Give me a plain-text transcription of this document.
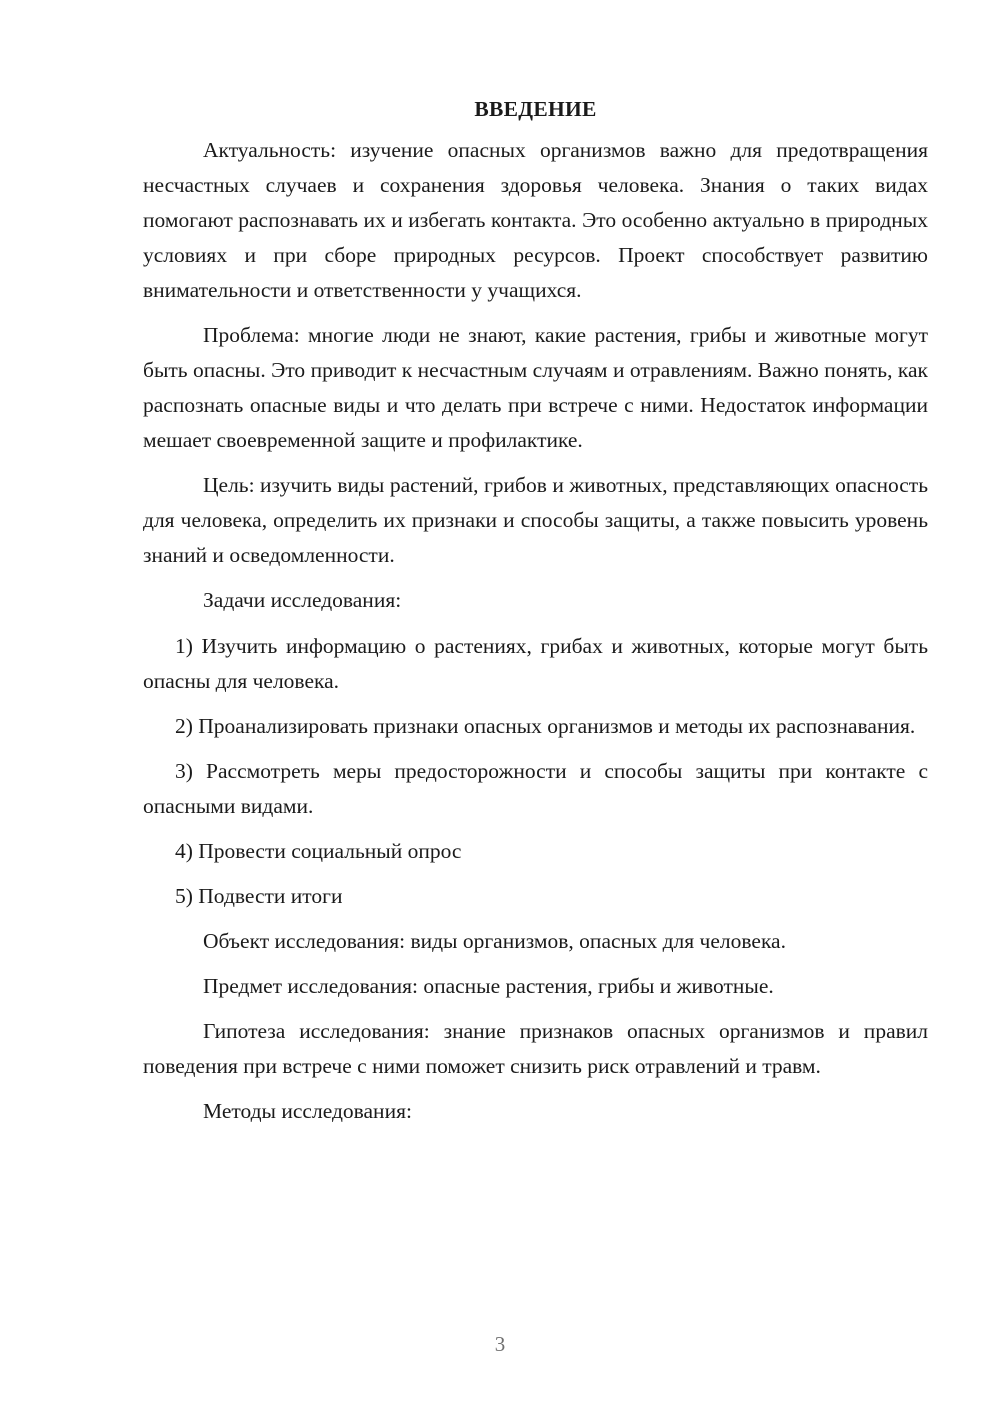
ВВЕДЕНИЕ

Актуальность: изучение опасных организмов важно для предотвращения несчастных случаев и сохранения здоровья человека. Знания о таких видах помогают распознавать их и избегать контакта. Это особенно актуально в природных условиях и при сборе природных ресурсов. Проект способствует развитию внимательности и ответственности у учащихся.

Проблема: многие люди не знают, какие растения, грибы и животные могут быть опасны. Это приводит к несчастным случаям и отравлениям. Важно понять, как распознать опасные виды и что делать при встрече с ними. Недостаток информации мешает своевременной защите и профилактике.

Цель: изучить виды растений, грибов и животных, представляющих опасность для человека, определить их признаки и способы защиты, а также повысить уровень знаний и осведомленности.

Задачи исследования:

1) Изучить информацию о растениях, грибах и животных, которые могут быть опасны для человека.

2) Проанализировать признаки опасных организмов и методы их распознавания.

3) Рассмотреть меры предосторожности и способы защиты при контакте с опасными видами.

4) Провести социальный опрос

5) Подвести итоги

Объект исследования: виды организмов, опасных для человека.

Предмет исследования: опасные растения, грибы и животные.

Гипотеза исследования: знание признаков опасных организмов и правил поведения при встрече с ними поможет снизить риск отравлений и травм.

Методы исследования:

3
